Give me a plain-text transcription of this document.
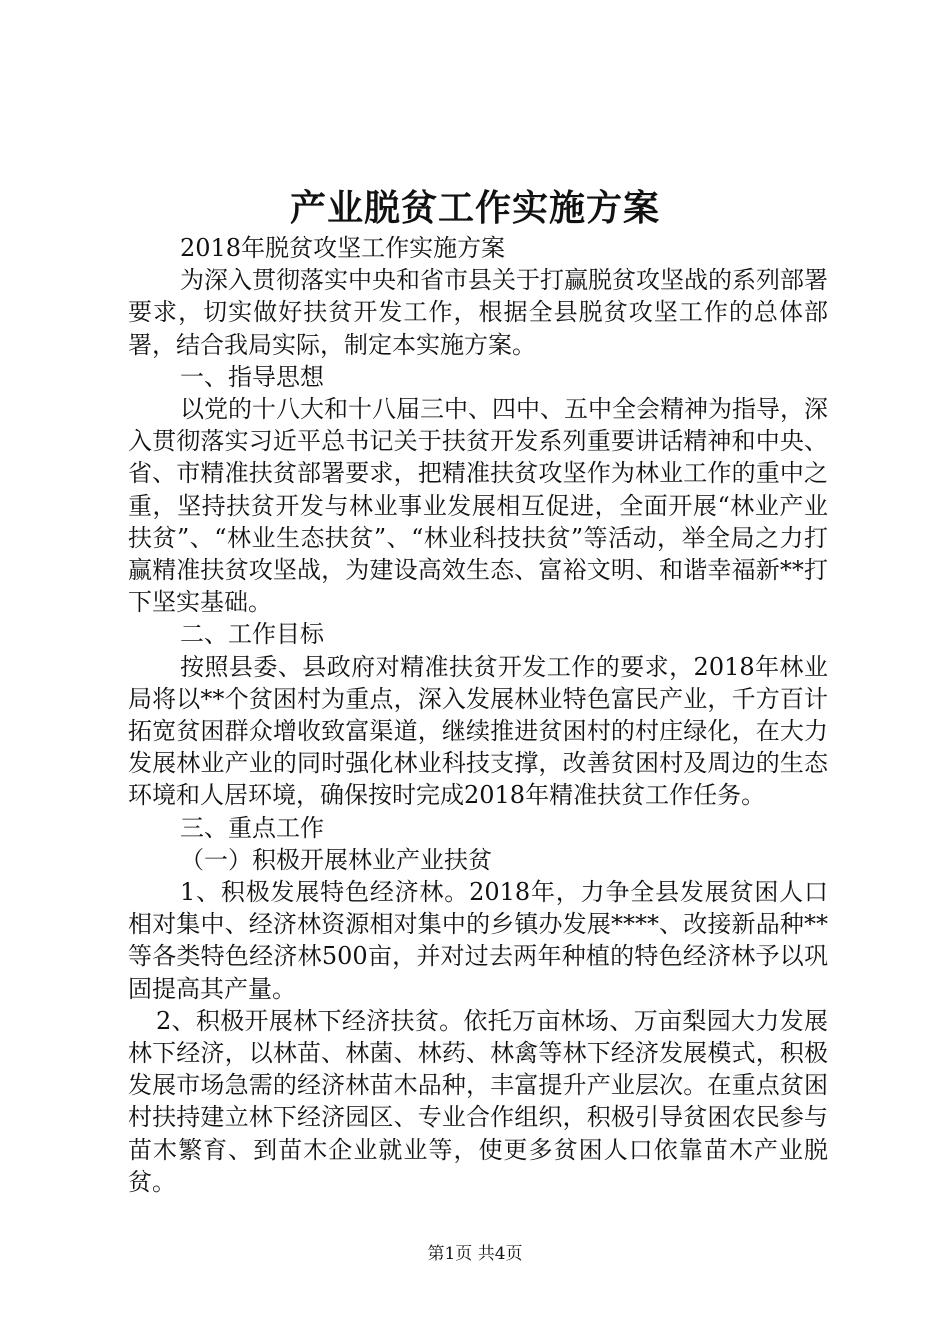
产业脱贫工作实施方案

2018年脱贫攻坚工作实施方案

为深入贯彻落实中央和省市县关于打赢脱贫攻坚战的系列部署要求，切实做好扶贫开发工作，根据全县脱贫攻坚工作的总体部署，结合我局实际，制定本实施方案。

一、指导思想

以党的十八大和十八届三中、四中、五中全会精神为指导，深入贯彻落实习近平总书记关于扶贫开发系列重要讲话精神和中央、省、市精准扶贫部署要求，把精准扶贫攻坚作为林业工作的重中之重，坚持扶贫开发与林业事业发展相互促进，全面开展“林业产业扶贫”、“林业生态扶贫”、“林业科技扶贫”等活动，举全局之力打赢精准扶贫攻坚战，为建设高效生态、富裕文明、和谐幸福新**打下坚实基础。

二、工作目标

按照县委、县政府对精准扶贫开发工作的要求，2018年林业局将以**个贫困村为重点，深入发展林业特色富民产业，千方百计拓宽贫困群众增收致富渠道，继续推进贫困村的村庄绿化，在大力发展林业产业的同时强化林业科技支撑，改善贫困村及周边的生态环境和人居环境，确保按时完成2018年精准扶贫工作任务。

三、重点工作

（一）积极开展林业产业扶贫

1、积极发展特色经济林。2018年，力争全县发展贫困人口相对集中、经济林资源相对集中的乡镇办发展****、改接新品种**等各类特色经济林500亩，并对过去两年种植的特色经济林予以巩固提高其产量。

2、积极开展林下经济扶贫。依托万亩林场、万亩梨园大力发展林下经济，以林苗、林菌、林药、林禽等林下经济发展模式，积极发展市场急需的经济林苗木品种，丰富提升产业层次。在重点贫困村扶持建立林下经济园区、专业合作组织，积极引导贫困农民参与苗木繁育、到苗木企业就业等，使更多贫困人口依靠苗木产业脱贫。

第1页 共4页
